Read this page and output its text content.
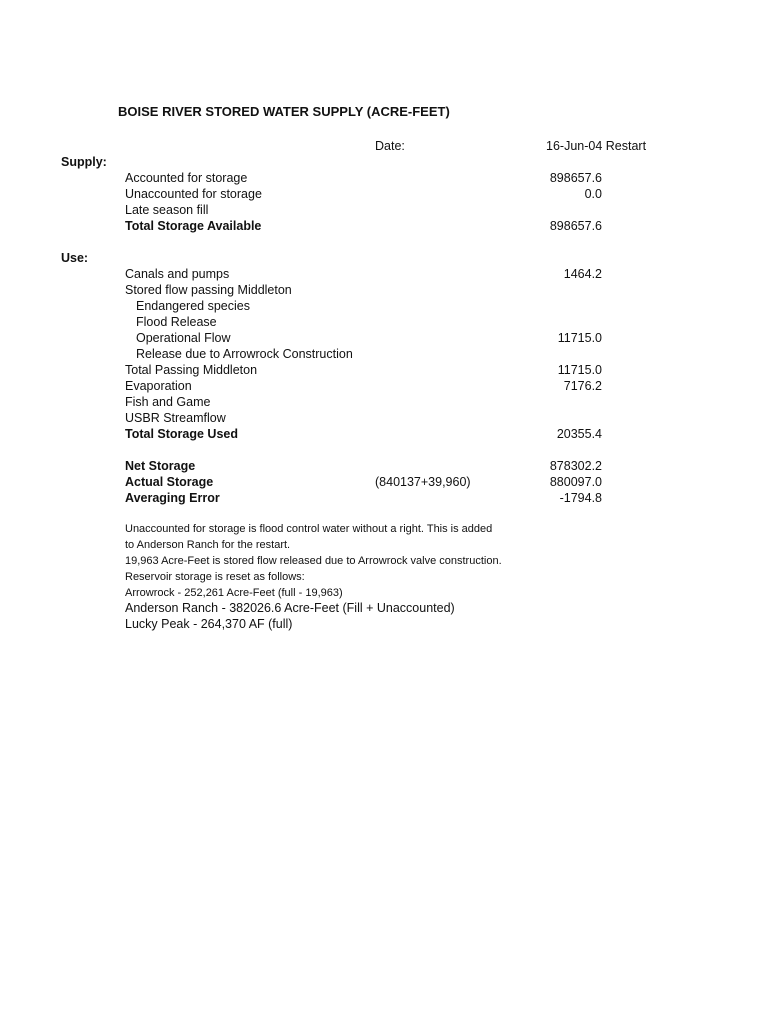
BOISE RIVER STORED WATER SUPPLY (ACRE-FEET)
Date:	16-Jun-04 Restart
Supply:
Accounted for storage	898657.6
Unaccounted for storage	0.0
Late season fill
Total Storage Available	898657.6
Use:
Canals and pumps	1464.2
Stored flow passing Middleton
Endangered species
Flood Release
Operational Flow	11715.0
Release due to Arrowrock Construction
Total Passing Middleton	11715.0
Evaporation	7176.2
Fish and Game
USBR Streamflow
Total Storage Used	20355.4
Net Storage	878302.2
Actual Storage	(840137+39,960)	880097.0
Averaging Error	-1794.8
Unaccounted for storage is flood control water without a right. This is added
to Anderson Ranch for the restart.
19,963 Acre-Feet is stored flow released due to Arrowrock valve construction.
Reservoir storage is reset as follows:
Arrowrock - 252,261 Acre-Feet (full - 19,963)
Anderson Ranch - 382026.6 Acre-Feet (Fill + Unaccounted)
Lucky Peak - 264,370 AF (full)
